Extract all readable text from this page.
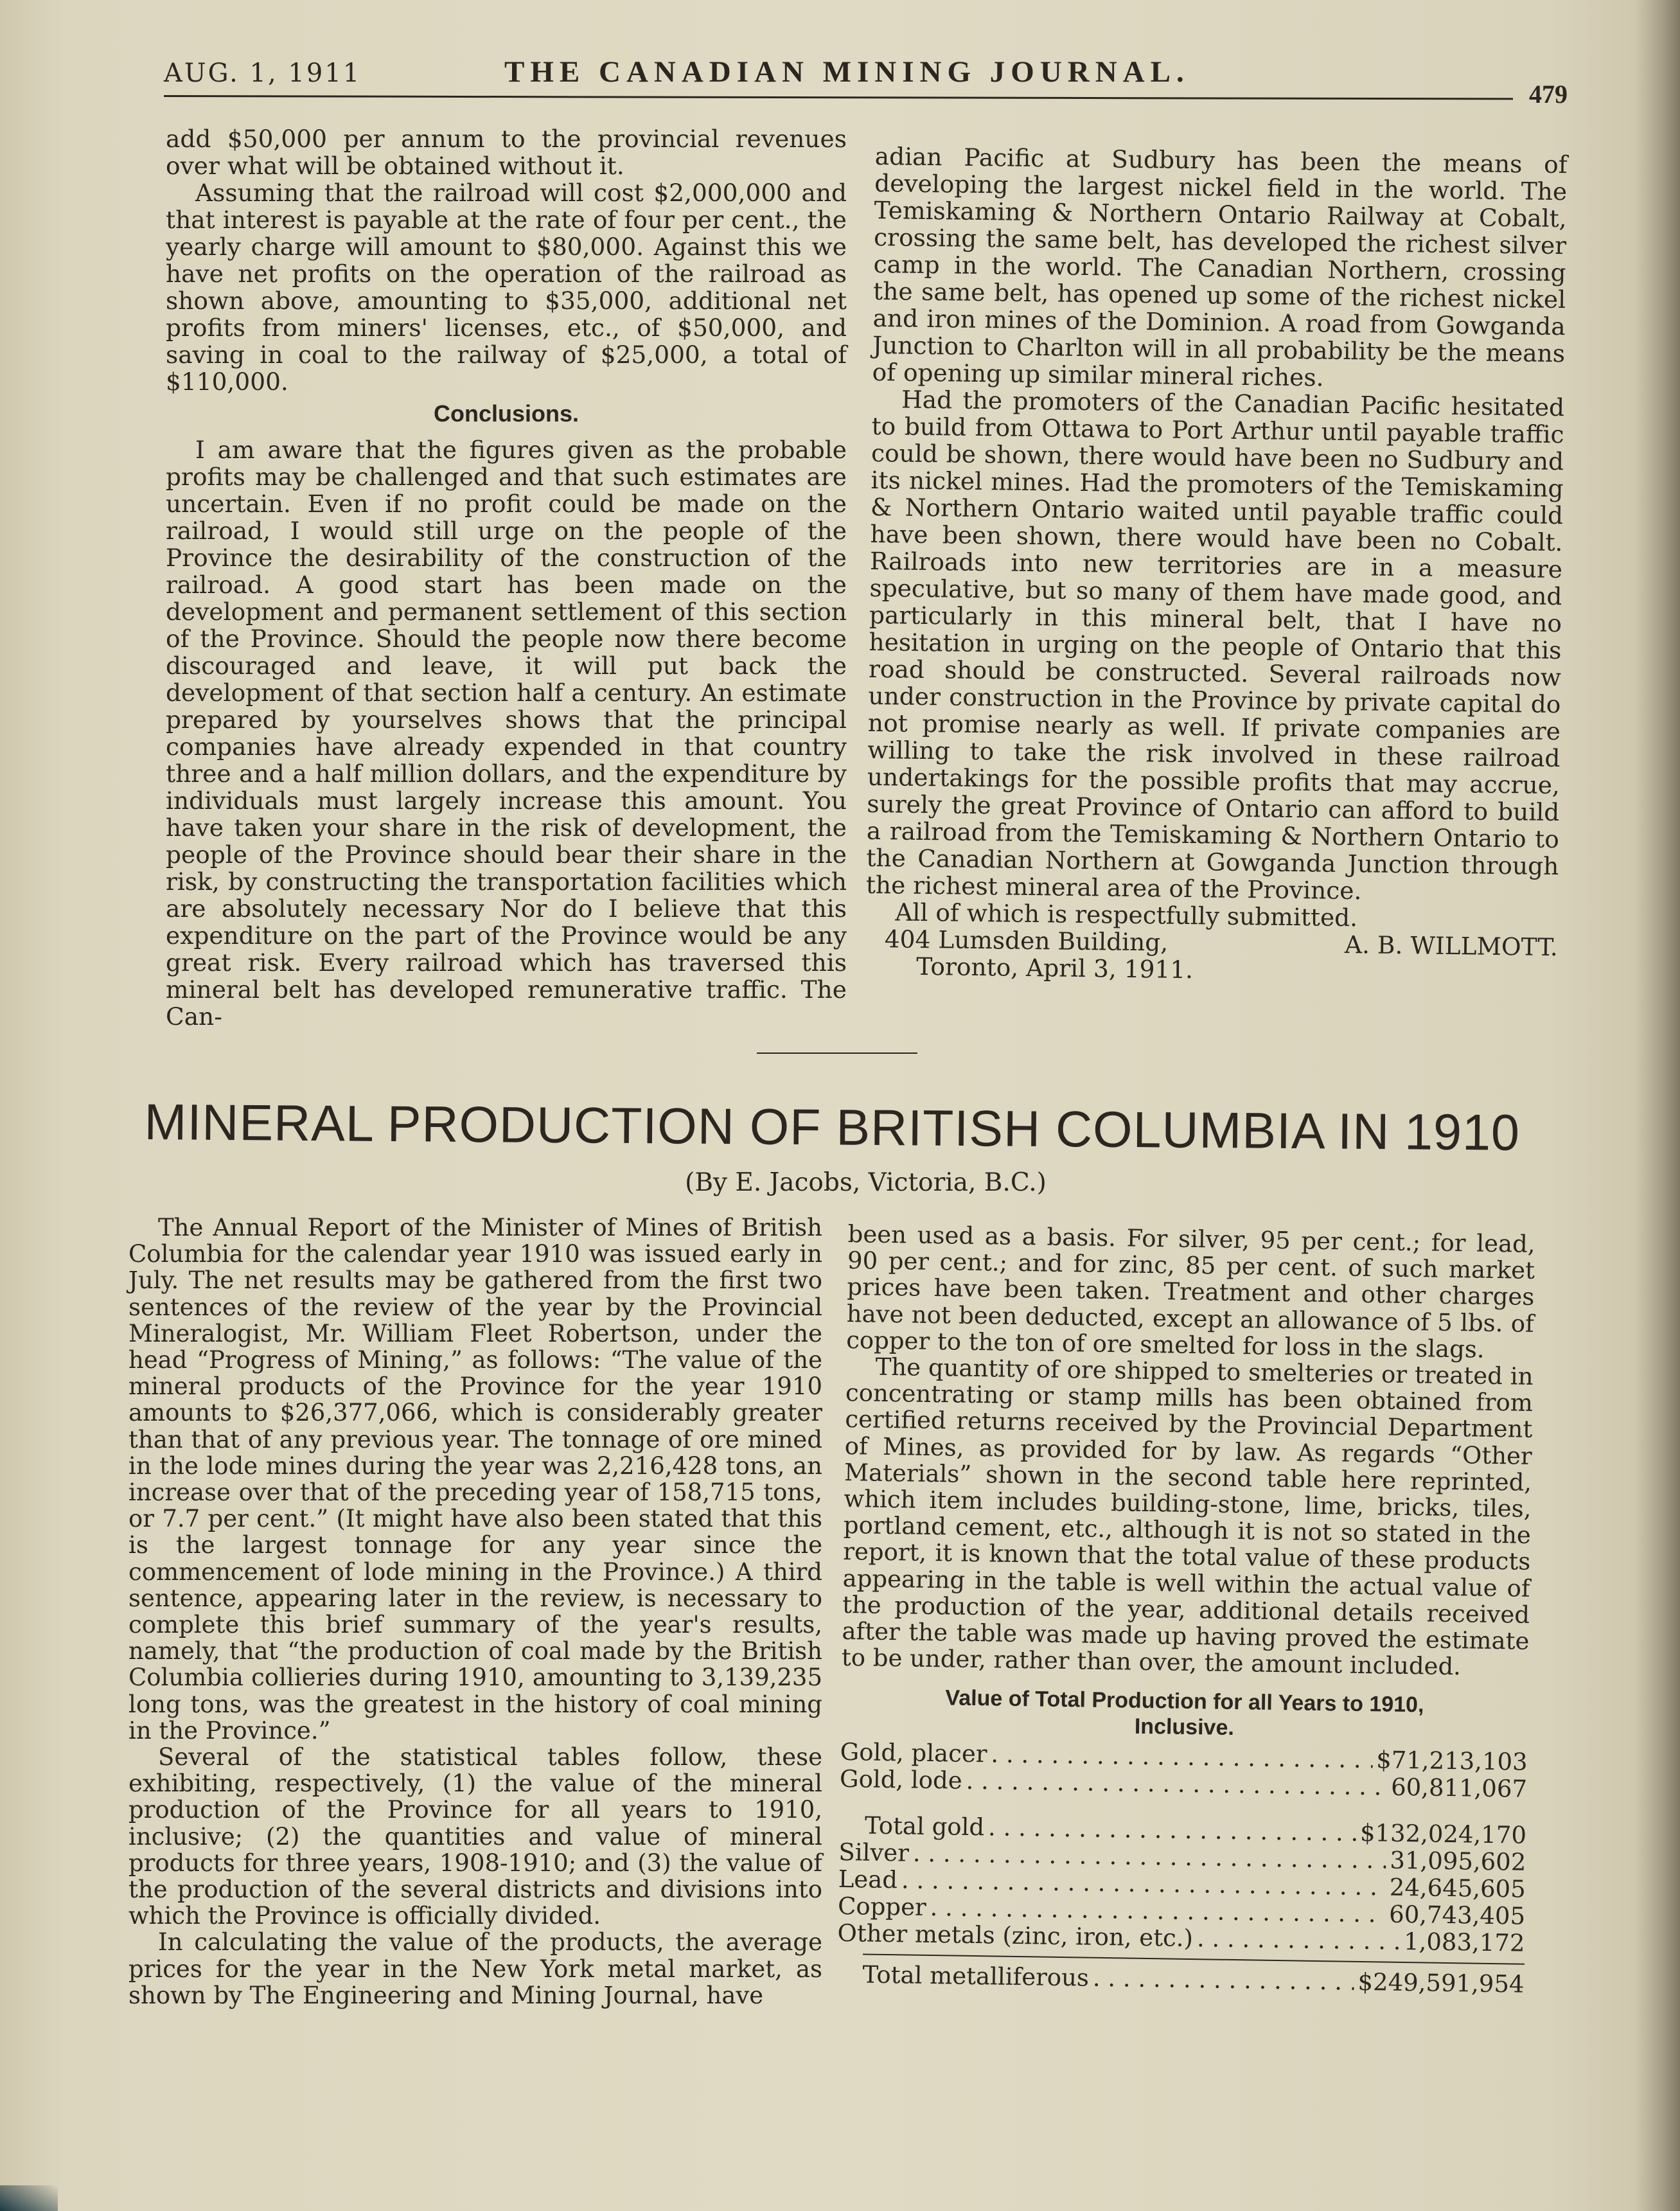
AUG. 1, 1911	THE CANADIAN MINING JOURNAL.
479

add $50,000 per annum to the provincial revenues over what will be obtained without it.

Assuming that the railroad will cost $2,000,000 and that interest is payable at the rate of four per cent., the yearly charge will amount to $80,000. Against this we have net profits on the operation of the railroad as shown above, amounting to $35,000, additional net profits from miners' licenses, etc., of $50,000, and saving in coal to the railway of $25,000, a total of $110,000.

Conclusions.

I am aware that the figures given as the probable profits may be challenged and that such estimates are uncertain. Even if no profit could be made on the railroad, I would still urge on the people of the Province the desirability of the construction of the railroad. A good start has been made on the development and permanent settlement of this section of the Province. Should the people now there become discouraged and leave, it will put back the development of that section half a century. An estimate prepared by yourselves shows that the principal companies have already expended in that country three and a half million dollars, and the expenditure by individuals must largely increase this amount. You have taken your share in the risk of development, the people of the Province should bear their share in the risk, by constructing the transportation facilities which are absolutely necessary Nor do I believe that this expenditure on the part of the Province would be any great risk. Every railroad which has traversed this mineral belt has developed remunerative traffic. The Can-

adian Pacific at Sudbury has been the means of developing the largest nickel field in the world. The Temiskaming & Northern Ontario Railway at Cobalt, crossing the same belt, has developed the richest silver camp in the world. The Canadian Northern, crossing the same belt, has opened up some of the richest nickel and iron mines of the Dominion. A road from Gowganda Junction to Charlton will in all probability be the means of opening up similar mineral riches.

Had the promoters of the Canadian Pacific hesitated to build from Ottawa to Port Arthur until payable traffic could be shown, there would have been no Sudbury and its nickel mines. Had the promoters of the Temiskaming & Northern Ontario waited until payable traffic could have been shown, there would have been no Cobalt. Railroads into new territories are in a measure speculative, but so many of them have made good, and particularly in this mineral belt, that I have no hesitation in urging on the people of Ontario that this road should be constructed. Several railroads now under construction in the Province by private capital do not promise nearly as well. If private companies are willing to take the risk involved in these railroad undertakings for the possible profits that may accrue, surely the great Province of Ontario can afford to build a railroad from the Temiskaming & Northern Ontario to the Canadian Northern at Gowganda Junction through the richest mineral area of the Province.

All of which is respectfully submitted.

404 Lumsden Building,	A. B. WILLMOTT.

Toronto, April 3, 1911.

MINERAL PRODUCTION OF BRITISH COLUMBIA IN 1910
(By E. Jacobs, Victoria, B.C.)

The Annual Report of the Minister of Mines of British Columbia for the calendar year 1910 was issued early in July. The net results may be gathered from the first two sentences of the review of the year by the Provincial Mineralogist, Mr. William Fleet Robertson, under the head “Progress of Mining,” as follows: “The value of the mineral products of the Province for the year 1910 amounts to $26,377,066, which is considerably greater than that of any previous year. The tonnage of ore mined in the lode mines during the year was 2,216,428 tons, an increase over that of the preceding year of 158,715 tons, or 7.7 per cent.” (It might have also been stated that this is the largest tonnage for any year since the commencement of lode mining in the Province.) A third sentence, appearing later in the review, is necessary to complete this brief summary of the year's results, namely, that “the production of coal made by the British Columbia collieries during 1910, amounting to 3,139,235 long tons, was the greatest in the history of coal mining in the Province.”

Several of the statistical tables follow, these exhibiting, respectively, (1) the value of the mineral production of the Province for all years to 1910, inclusive; (2) the quantities and value of mineral products for three years, 1908-1910; and (3) the value of the production of the several districts and divisions into which the Province is officially divided.

In calculating the value of the products, the average prices for the year in the New York metal market, as shown by The Engineering and Mining Journal, have

been used as a basis. For silver, 95 per cent.; for lead, 90 per cent.; and for zinc, 85 per cent. of such market prices have been taken. Treatment and other charges have not been deducted, except an allowance of 5 lbs. of copper to the ton of ore smelted for loss in the slags.

The quantity of ore shipped to smelteries or treated in concentrating or stamp mills has been obtained from certified returns received by the Provincial Department of Mines, as provided for by law. As regards “Other Materials” shown in the second table here reprinted, which item includes building-stone, lime, bricks, tiles, portland cement, etc., although it is not so stated in the report, it is known that the total value of these products appearing in the table is well within the actual value of the production of the year, additional details received after the table was made up having proved the estimate to be under, rather than over, the amount included.

Value of Total Production for all Years to 1910,
Inclusive.
Gold, placer . . .	$71,213,103
Gold, lode . . .	60,811,067
Total gold . . .	$132,024,170
Silver . . .	31,095,602
Lead . . .	24,645,605
Copper . . .	60,743,405
Other metals (zinc, iron, etc.) . . .	1,083,172
Total metalliferous . . .	$249,591,954
